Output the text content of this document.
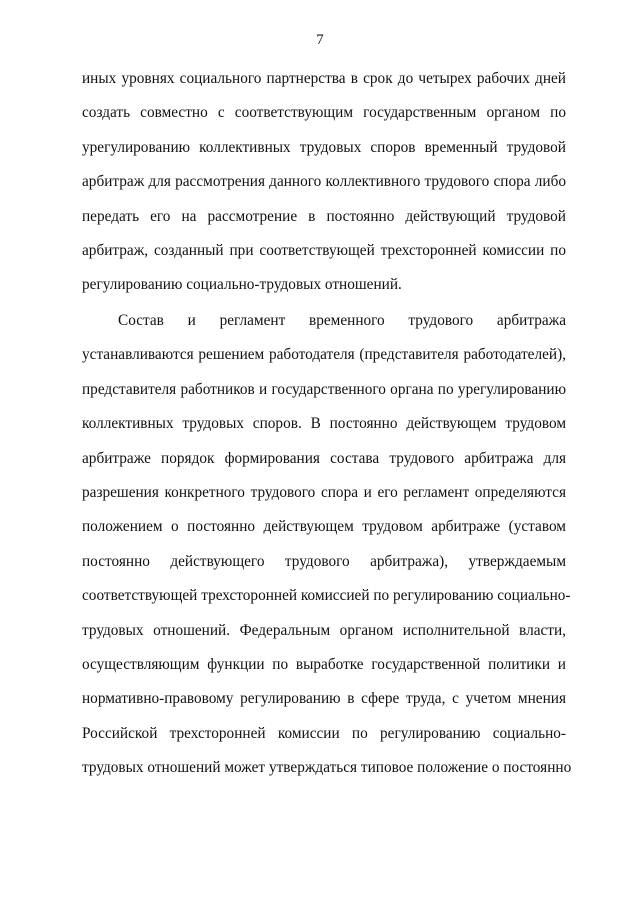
7
иных уровнях социального партнерства в срок до четырех рабочих дней
создать совместно с соответствующим государственным органом по
урегулированию коллективных трудовых споров временный трудовой
арбитраж для рассмотрения данного коллективного трудового спора либо
передать его на рассмотрение в постоянно действующий трудовой
арбитраж, созданный при соответствующей трехсторонней комиссии по
регулированию социально-трудовых отношений.
Состав и регламент временного трудового арбитража
устанавливаются решением работодателя (представителя работодателей),
представителя работников и государственного органа по урегулированию
коллективных трудовых споров. В постоянно действующем трудовом
арбитраже порядок формирования состава трудового арбитража для
разрешения конкретного трудового спора и его регламент определяются
положением о постоянно действующем трудовом арбитраже (уставом
постоянно действующего трудового арбитража), утверждаемым
соответствующей трехсторонней комиссией по регулированию социально-
трудовых отношений. Федеральным органом исполнительной власти,
осуществляющим функции по выработке государственной политики и
нормативно-правовому регулированию в сфере труда, с учетом мнения
Российской трехсторонней комиссии по регулированию социально-
трудовых отношений может утверждаться типовое положение о постоянно
